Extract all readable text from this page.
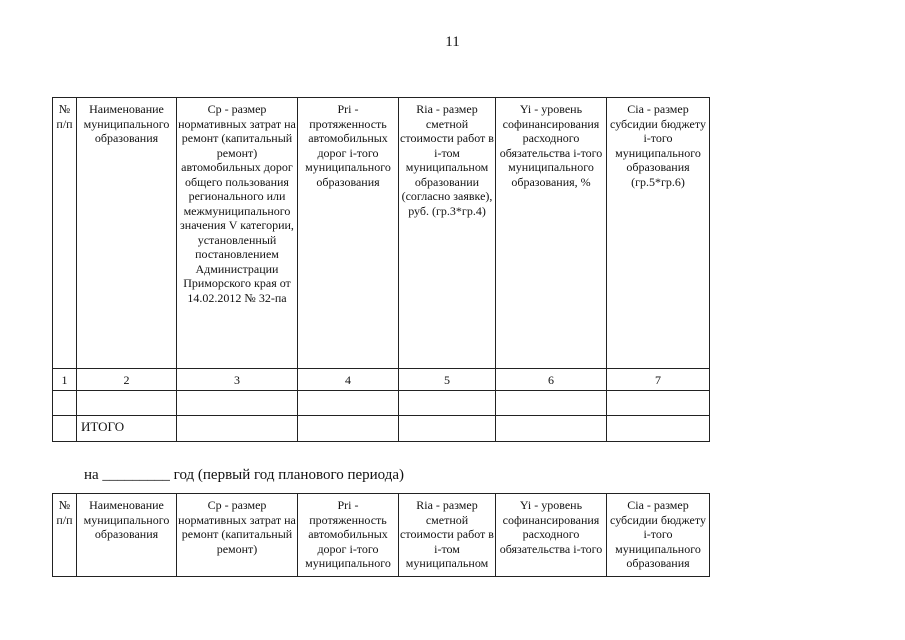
11
№ п/п	Наименование муниципального образования	Ср - размер нормативных затрат на ремонт (капитальный ремонт) автомобильных дорог общего пользования регионального или межмуниципального значения V категории, установленный постановлением Администрации Приморского края от 14.02.2012 № 32-па	Pri - протяженность автомобильных дорог i-того муниципального образования	Ria - размер сметной стоимости работ в i-том муниципальном образовании (согласно заявке), руб. (гр.3*гр.4)	Yi - уровень софинансирования расходного обязательства i-того муниципального образования, %	Cia - размер субсидии бюджету i-того муниципального образования (гр.5*гр.6)
1	2	3	4	5	6	7

	ИТОГО					
на _________ год (первый год планового периода)
№ п/п	Наименование муниципального образования	Ср - размер нормативных затрат на ремонт (капитальный ремонт)	Pri - протяженность автомобильных дорог i-того муниципального	Ria - размер сметной стоимости работ в i-том муниципальном	Yi - уровень софинансирования расходного обязательства i-того	Cia - размер субсидии бюджету i-того муниципального образования
